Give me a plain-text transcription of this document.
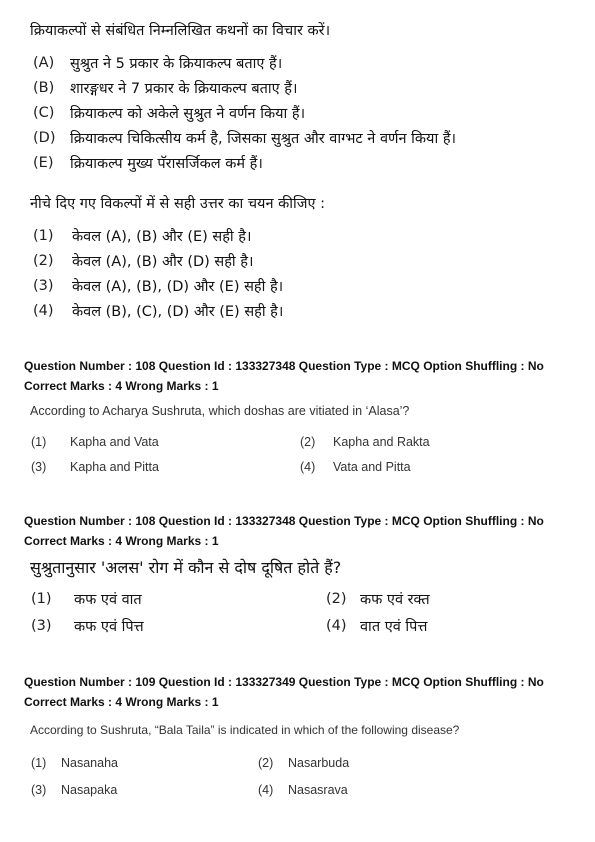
क्रियाकल्पों से संबंधित निम्नलिखित कथनों का विचार करें।
(A) सुश्रुत ने 5 प्रकार के क्रियाकल्प बताए हैं।
(B) शारङ्गधर ने 7 प्रकार के क्रियाकल्प बताए हैं।
(C) क्रियाकल्प को अकेले सुश्रुत ने वर्णन किया हैं।
(D) क्रियाकल्प चिकित्सीय कर्म है, जिसका सुश्रुत और वाग्भट ने वर्णन किया हैं।
(E) क्रियाकल्प मुख्य पॅरासर्जिकल कर्म हैं।
नीचे दिए गए विकल्पों में से सही उत्तर का चयन कीजिए :
(1) केवल (A), (B) और (E) सही है।
(2) केवल (A), (B) और (D) सही है।
(3) केवल (A), (B), (D) और (E) सही है।
(4) केवल (B), (C), (D) और (E) सही है।
Question Number : 108 Question Id : 133327348 Question Type : MCQ Option Shuffling : No
Correct Marks : 4 Wrong Marks : 1
According to Acharya Sushruta, which doshas are vitiated in ‘Alasa’?
(1) Kapha and Vata	(2) Kapha and Rakta
(3) Kapha and Pitta	(4) Vata and Pitta
Question Number : 108 Question Id : 133327348 Question Type : MCQ Option Shuffling : No
Correct Marks : 4 Wrong Marks : 1
सुश्रुतानुसार 'अलस' रोग में कौन से दोष दूषित होते हैं?
(1) कफ एवं वात	(2) कफ एवं रक्त
(3) कफ एवं पित्त	(4) वात एवं पित्त
Question Number : 109 Question Id : 133327349 Question Type : MCQ Option Shuffling : No
Correct Marks : 4 Wrong Marks : 1
According to Sushruta, “Bala Taila” is indicated in which of the following disease?
(1) Nasanaha	(2) Nasarbuda
(3) Nasapaka	(4) Nasasrava
